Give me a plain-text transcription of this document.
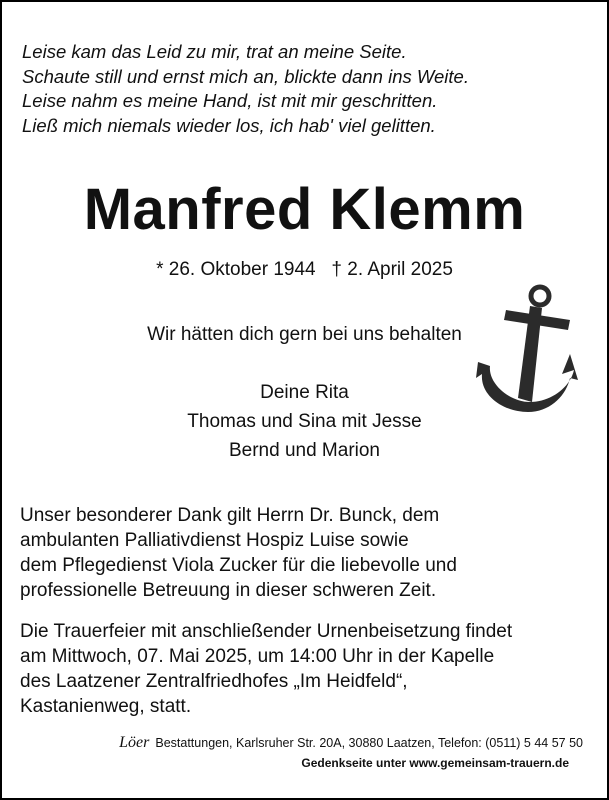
Leise kam das Leid zu mir, trat an meine Seite.
Schaute still und ernst mich an, blickte dann ins Weite.
Leise nahm es meine Hand, ist mit mir geschritten.
Ließ mich niemals wieder los, ich hab' viel gelitten.
Manfred Klemm
* 26. Oktober 1944   † 2. April 2025
Wir hätten dich gern bei uns behalten
Deine Rita
Thomas und Sina mit Jesse
Bernd und Marion
Unser besonderer Dank gilt Herrn Dr. Bunck, dem
ambulanten Palliativdienst Hospiz Luise sowie
dem Pflegedienst Viola Zucker für die liebevolle und
professionelle Betreuung in dieser schweren Zeit.
Die Trauerfeier mit anschließender Urnenbeisetzung findet
am Mittwoch, 07. Mai 2025, um 14:00 Uhr in der Kapelle
des Laatzener Zentralfriedhofes „Im Heidfeld“,
Kastanienweg, statt.
Löer Bestattungen, Karlsruher Str. 20A, 30880 Laatzen, Telefon: (0511) 5 44 57 50
Gedenkseite unter www.gemeinsam-trauern.de
